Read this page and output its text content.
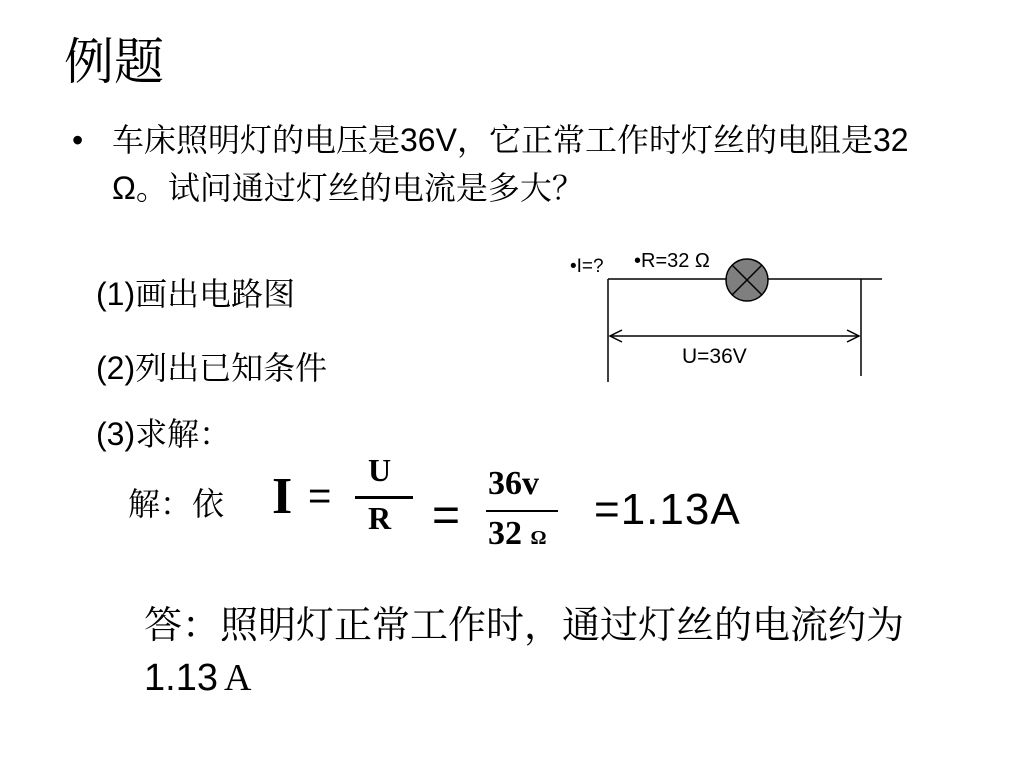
例题
• 车床照明灯的电压是36V，它正常工作时灯丝的电阻是32 Ω。试问通过灯丝的电流是多大？
(1)画出电路图
(2)列出已知条件
(3)求解：
•I=? •R=32 Ω
U=36V
解：依 I =
U
R =
36v
32 Ω
=1.13A
答：照明灯正常工作时，通过灯丝的电流约为1.13 A
